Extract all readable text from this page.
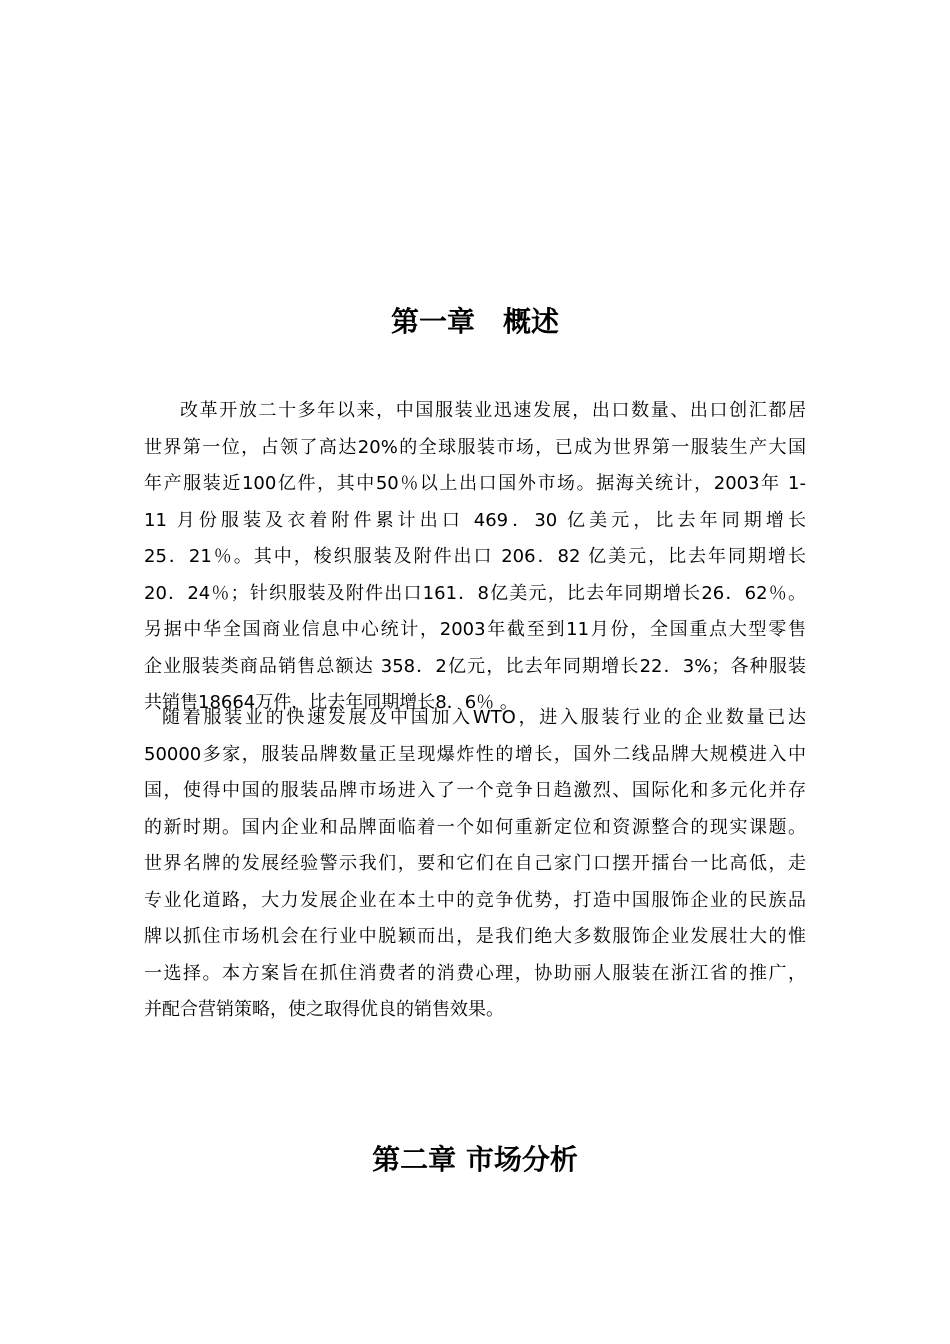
第一章　概述
改革开放二十多年以来，中国服装业迅速发展，出口数量、出口创汇都居
世界第一位，占领了高达20%的全球服装市场，已成为世界第一服装生产大国
年产服装近100亿件，其中50％以上出口国外市场。据海关统计，2003年 1-
11 月份服装及衣着附件累计出口 469．30 亿美元，比去年同期增长
25．21％。其中，梭织服装及附件出口 206．82 亿美元，比去年同期增长
20．24％；针织服装及附件出口161．8亿美元，比去年同期增长26．62％。
另据中华全国商业信息中心统计，2003年截至到11月份，全国重点大型零售
企业服装类商品销售总额达 358．2亿元，比去年同期增长22．3%；各种服装
共销售18664万件，比去年同期增长8．6％ 。
随着服装业的快速发展及中国加入WTO，进入服装行业的企业数量已达
50000多家，服装品牌数量正呈现爆炸性的增长，国外二线品牌大规模进入中
国，使得中国的服装品牌市场进入了一个竞争日趋激烈、国际化和多元化并存
的新时期。国内企业和品牌面临着一个如何重新定位和资源整合的现实课题。
世界名牌的发展经验警示我们，要和它们在自己家门口摆开擂台一比高低，走
专业化道路，大力发展企业在本土中的竞争优势，打造中国服饰企业的民族品
牌以抓住市场机会在行业中脱颖而出，是我们绝大多数服饰企业发展壮大的惟
一选择。本方案旨在抓住消费者的消费心理，协助丽人服装在浙江省的推广，
并配合营销策略，使之取得优良的销售效果。
第二章 市场分析
